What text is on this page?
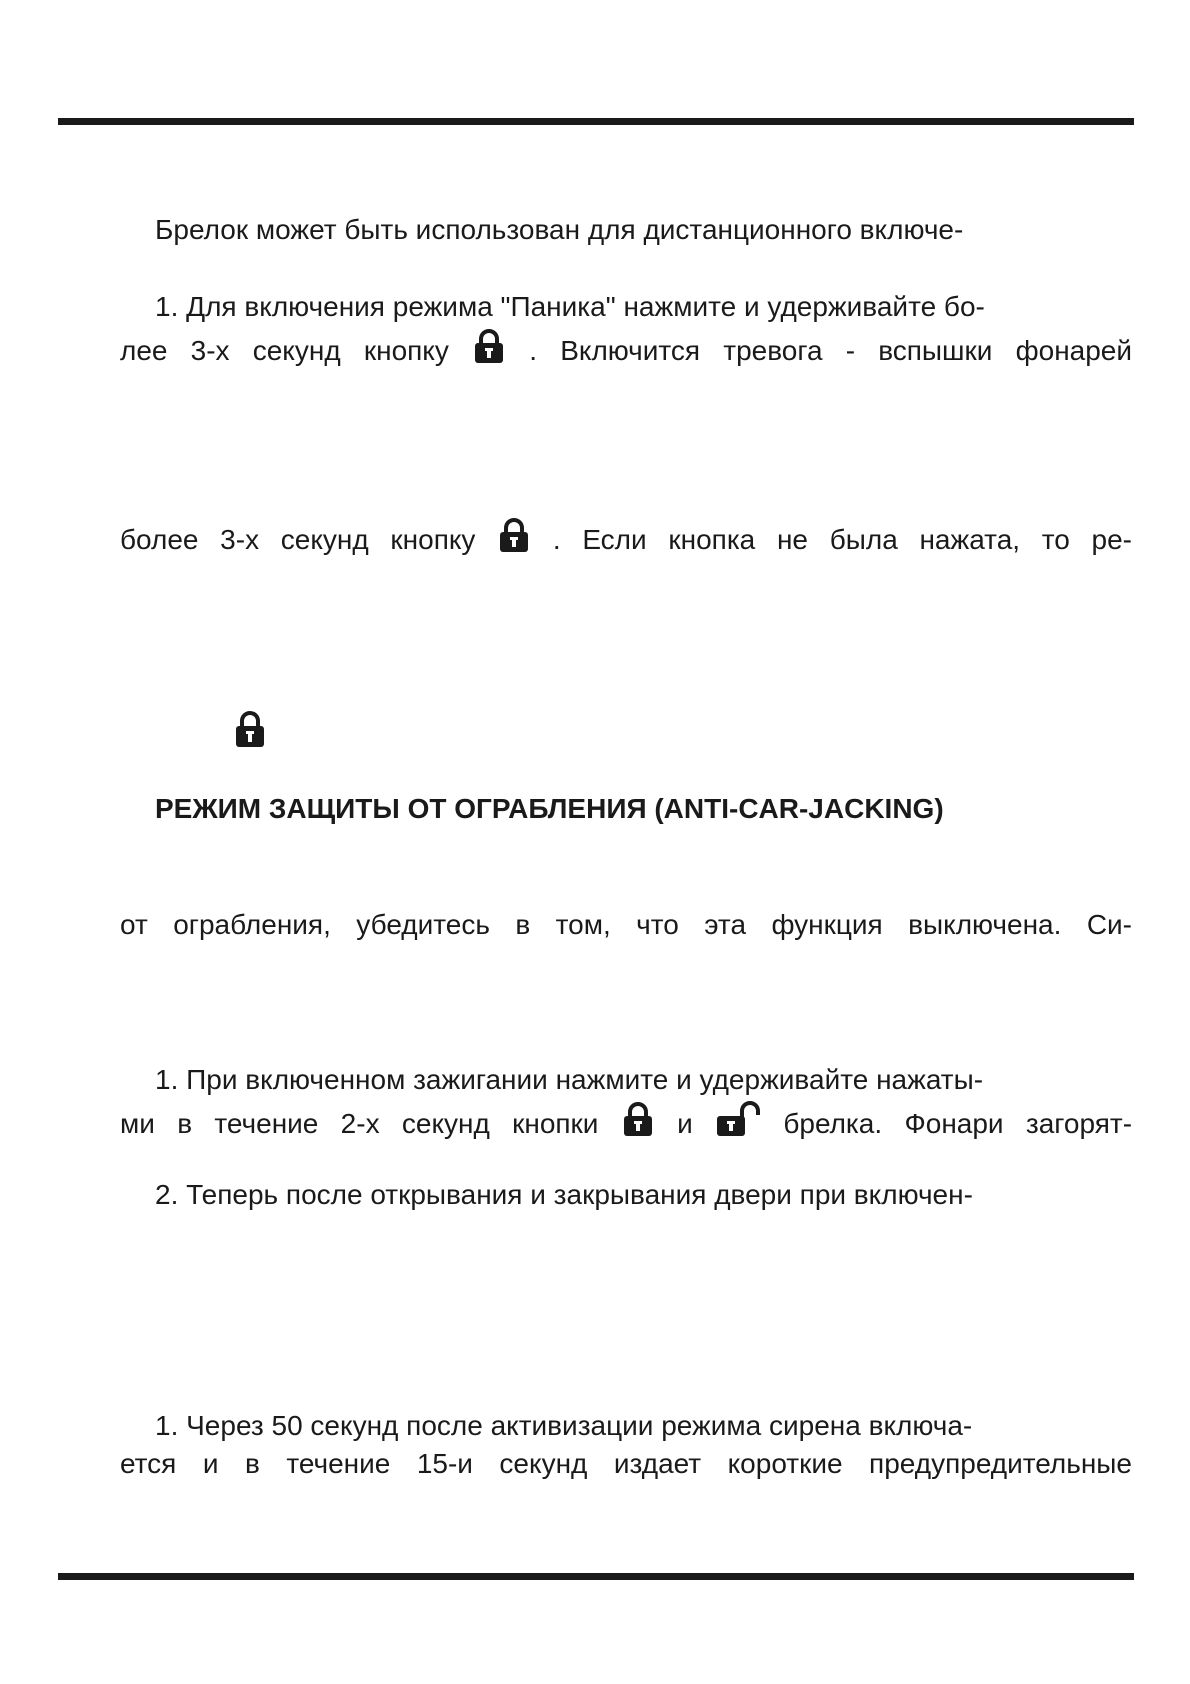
Брелок может быть использован для дистанционного включе-
1. Для включения режима "Паника" нажмите и удерживайте бо-
лее 3-х секунд кнопку	. Включится тревога - вспышки фонарей
более 3-х секунд кнопку	. Если кнопка не была нажата, то ре-
РЕЖИМ ЗАЩИТЫ ОТ ОГРАБЛЕНИЯ (ANTI-CAR-JACKING)
от ограбления, убедитесь в том, что эта функция выключена. Си-
1. При включенном зажигании нажмите и удерживайте нажаты-
ми в течение 2-х секунд кнопки	и	брелка. Фонари загорят-
2. Теперь после открывания и закрывания двери при включен-
1. Через 50 секунд после активизации режима сирена включа-
ется и в течение 15-и секунд издает короткие предупредительные
